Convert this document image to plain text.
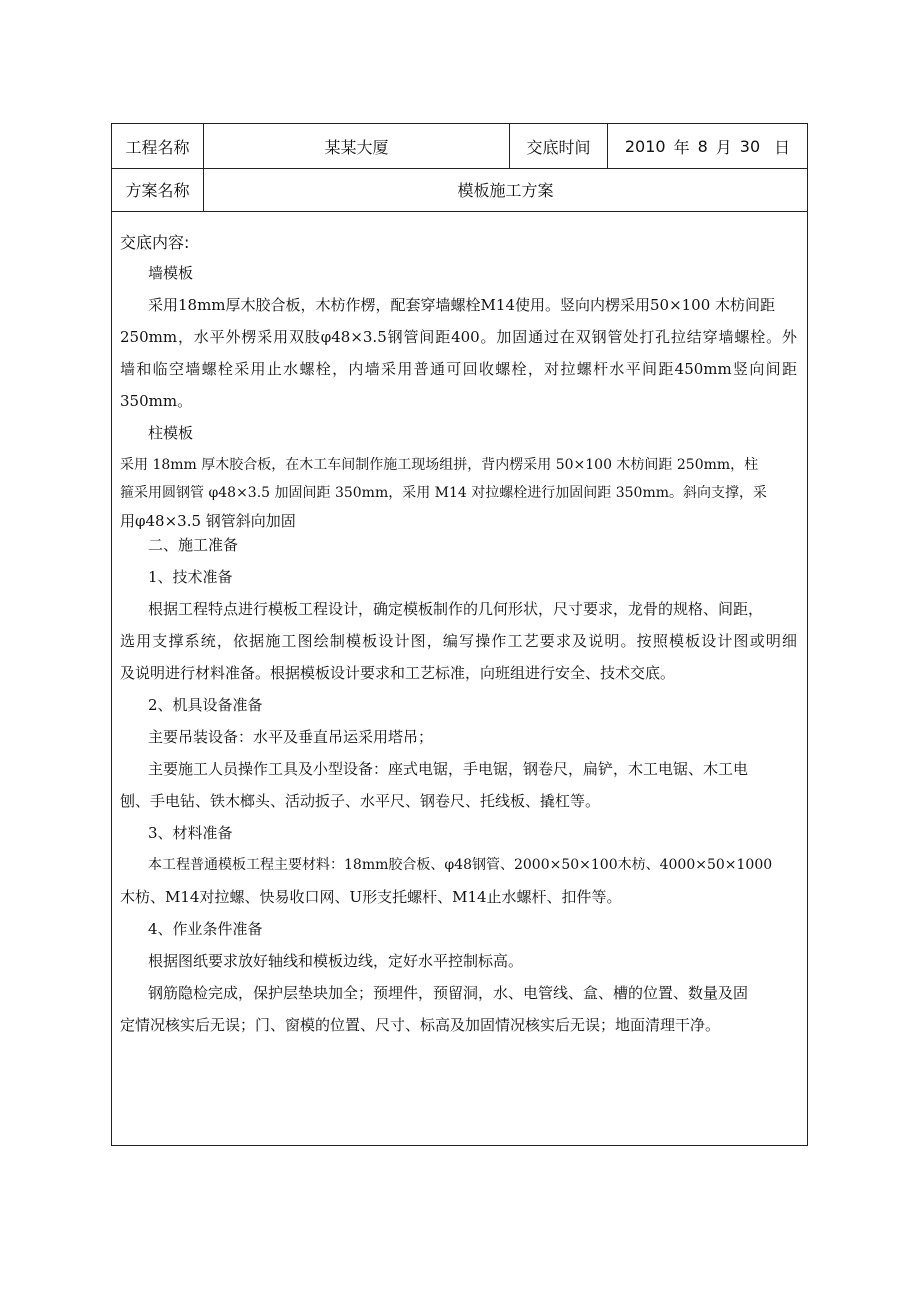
工程名称	某某大厦	交底时间	2010 年 8 月 30 日
方案名称	模板施工方案
交底内容:
墙模板
采用18mm厚木胶合板，木枋作楞，配套穿墙螺栓M14使用。竖向内楞采用50×100 木枋间距
250mm，水平外楞采用双肢φ48×3.5钢管间距400。加固通过在双钢管处打孔拉结穿墙螺栓。外
墙和临空墙螺栓采用止水螺栓，内墙采用普通可回收螺栓，对拉螺杆水平间距450mm竖向间距
350mm。
柱模板
采用 18mm 厚木胶合板，在木工车间制作施工现场组拼，背内楞采用 50×100 木枋间距 250mm，柱
箍采用圆钢管 φ48×3.5 加固间距 350mm，采用 M14 对拉螺栓进行加固间距 350mm。斜向支撑，采
用φ48×3.5 钢管斜向加固
二、施工准备
1、技术准备
根据工程特点进行模板工程设计，确定模板制作的几何形状，尺寸要求，龙骨的规格、间距，
选用支撑系统，依据施工图绘制模板设计图，编写操作工艺要求及说明。按照模板设计图或明细
及说明进行材料准备。根据模板设计要求和工艺标准，向班组进行安全、技术交底。
2、机具设备准备
主要吊装设备：水平及垂直吊运采用塔吊；
主要施工人员操作工具及小型设备：座式电锯，手电锯，钢卷尺，扁铲，木工电锯、木工电
刨、手电钻、铁木榔头、活动扳子、水平尺、钢卷尺、托线板、撬杠等。
3、材料准备
本工程普通模板工程主要材料：18mm胶合板、φ48钢管、2000×50×100木枋、4000×50×1000
木枋、M14对拉螺、快易收口网、U形支托螺杆、M14止水螺杆、扣件等。
4、作业条件准备
根据图纸要求放好轴线和模板边线，定好水平控制标高。
钢筋隐检完成，保护层垫块加全；预埋件，预留洞，水、电管线、盒、槽的位置、数量及固
定情况核实后无误；门、窗模的位置、尺寸、标高及加固情况核实后无误；地面清理干净。
